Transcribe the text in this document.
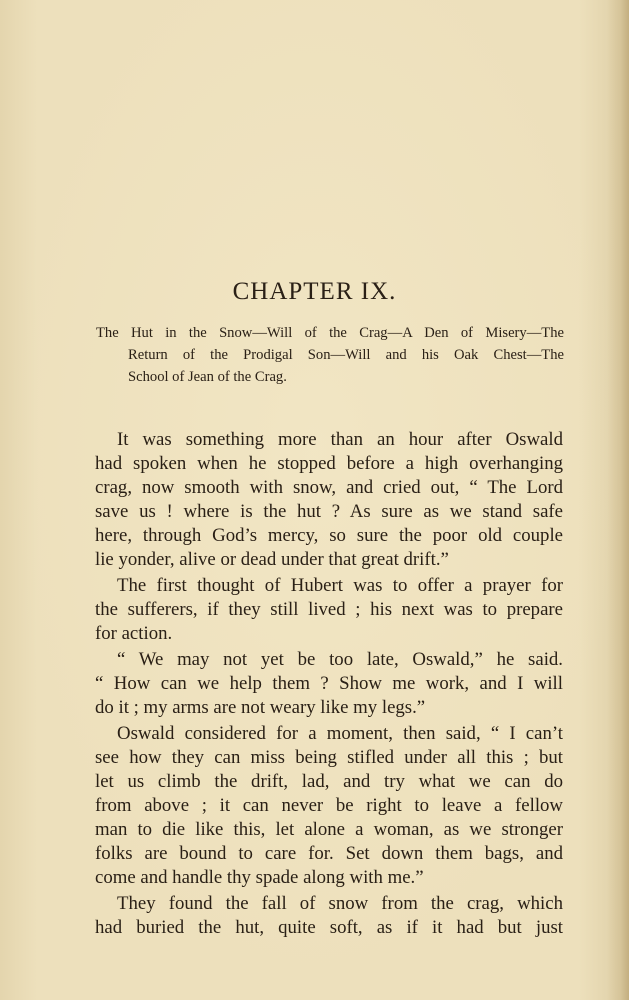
CHAPTER IX.
The Hut in the Snow—Will of the Crag—A Den of Misery—The
Return of the Prodigal Son—Will and his Oak Chest—The
School of Jean of the Crag.
It was something more than an hour after Oswald
had spoken when he stopped before a high overhanging
crag, now smooth with snow, and cried out, “ The Lord
save us ! where is the hut ? As sure as we stand safe
here, through God’s mercy, so sure the poor old couple
lie yonder, alive or dead under that great drift.”
The first thought of Hubert was to offer a prayer for
the sufferers, if they still lived ; his next was to prepare
for action.
“ We may not yet be too late, Oswald,” he said.
“ How can we help them ? Show me work, and I will
do it ; my arms are not weary like my legs.”
Oswald considered for a moment, then said, “ I can’t
see how they can miss being stifled under all this ; but
let us climb the drift, lad, and try what we can do
from above ; it can never be right to leave a fellow
man to die like this, let alone a woman, as we stronger
folks are bound to care for. Set down them bags, and
come and handle thy spade along with me.”
They found the fall of snow from the crag, which
had buried the hut, quite soft, as if it had but just
